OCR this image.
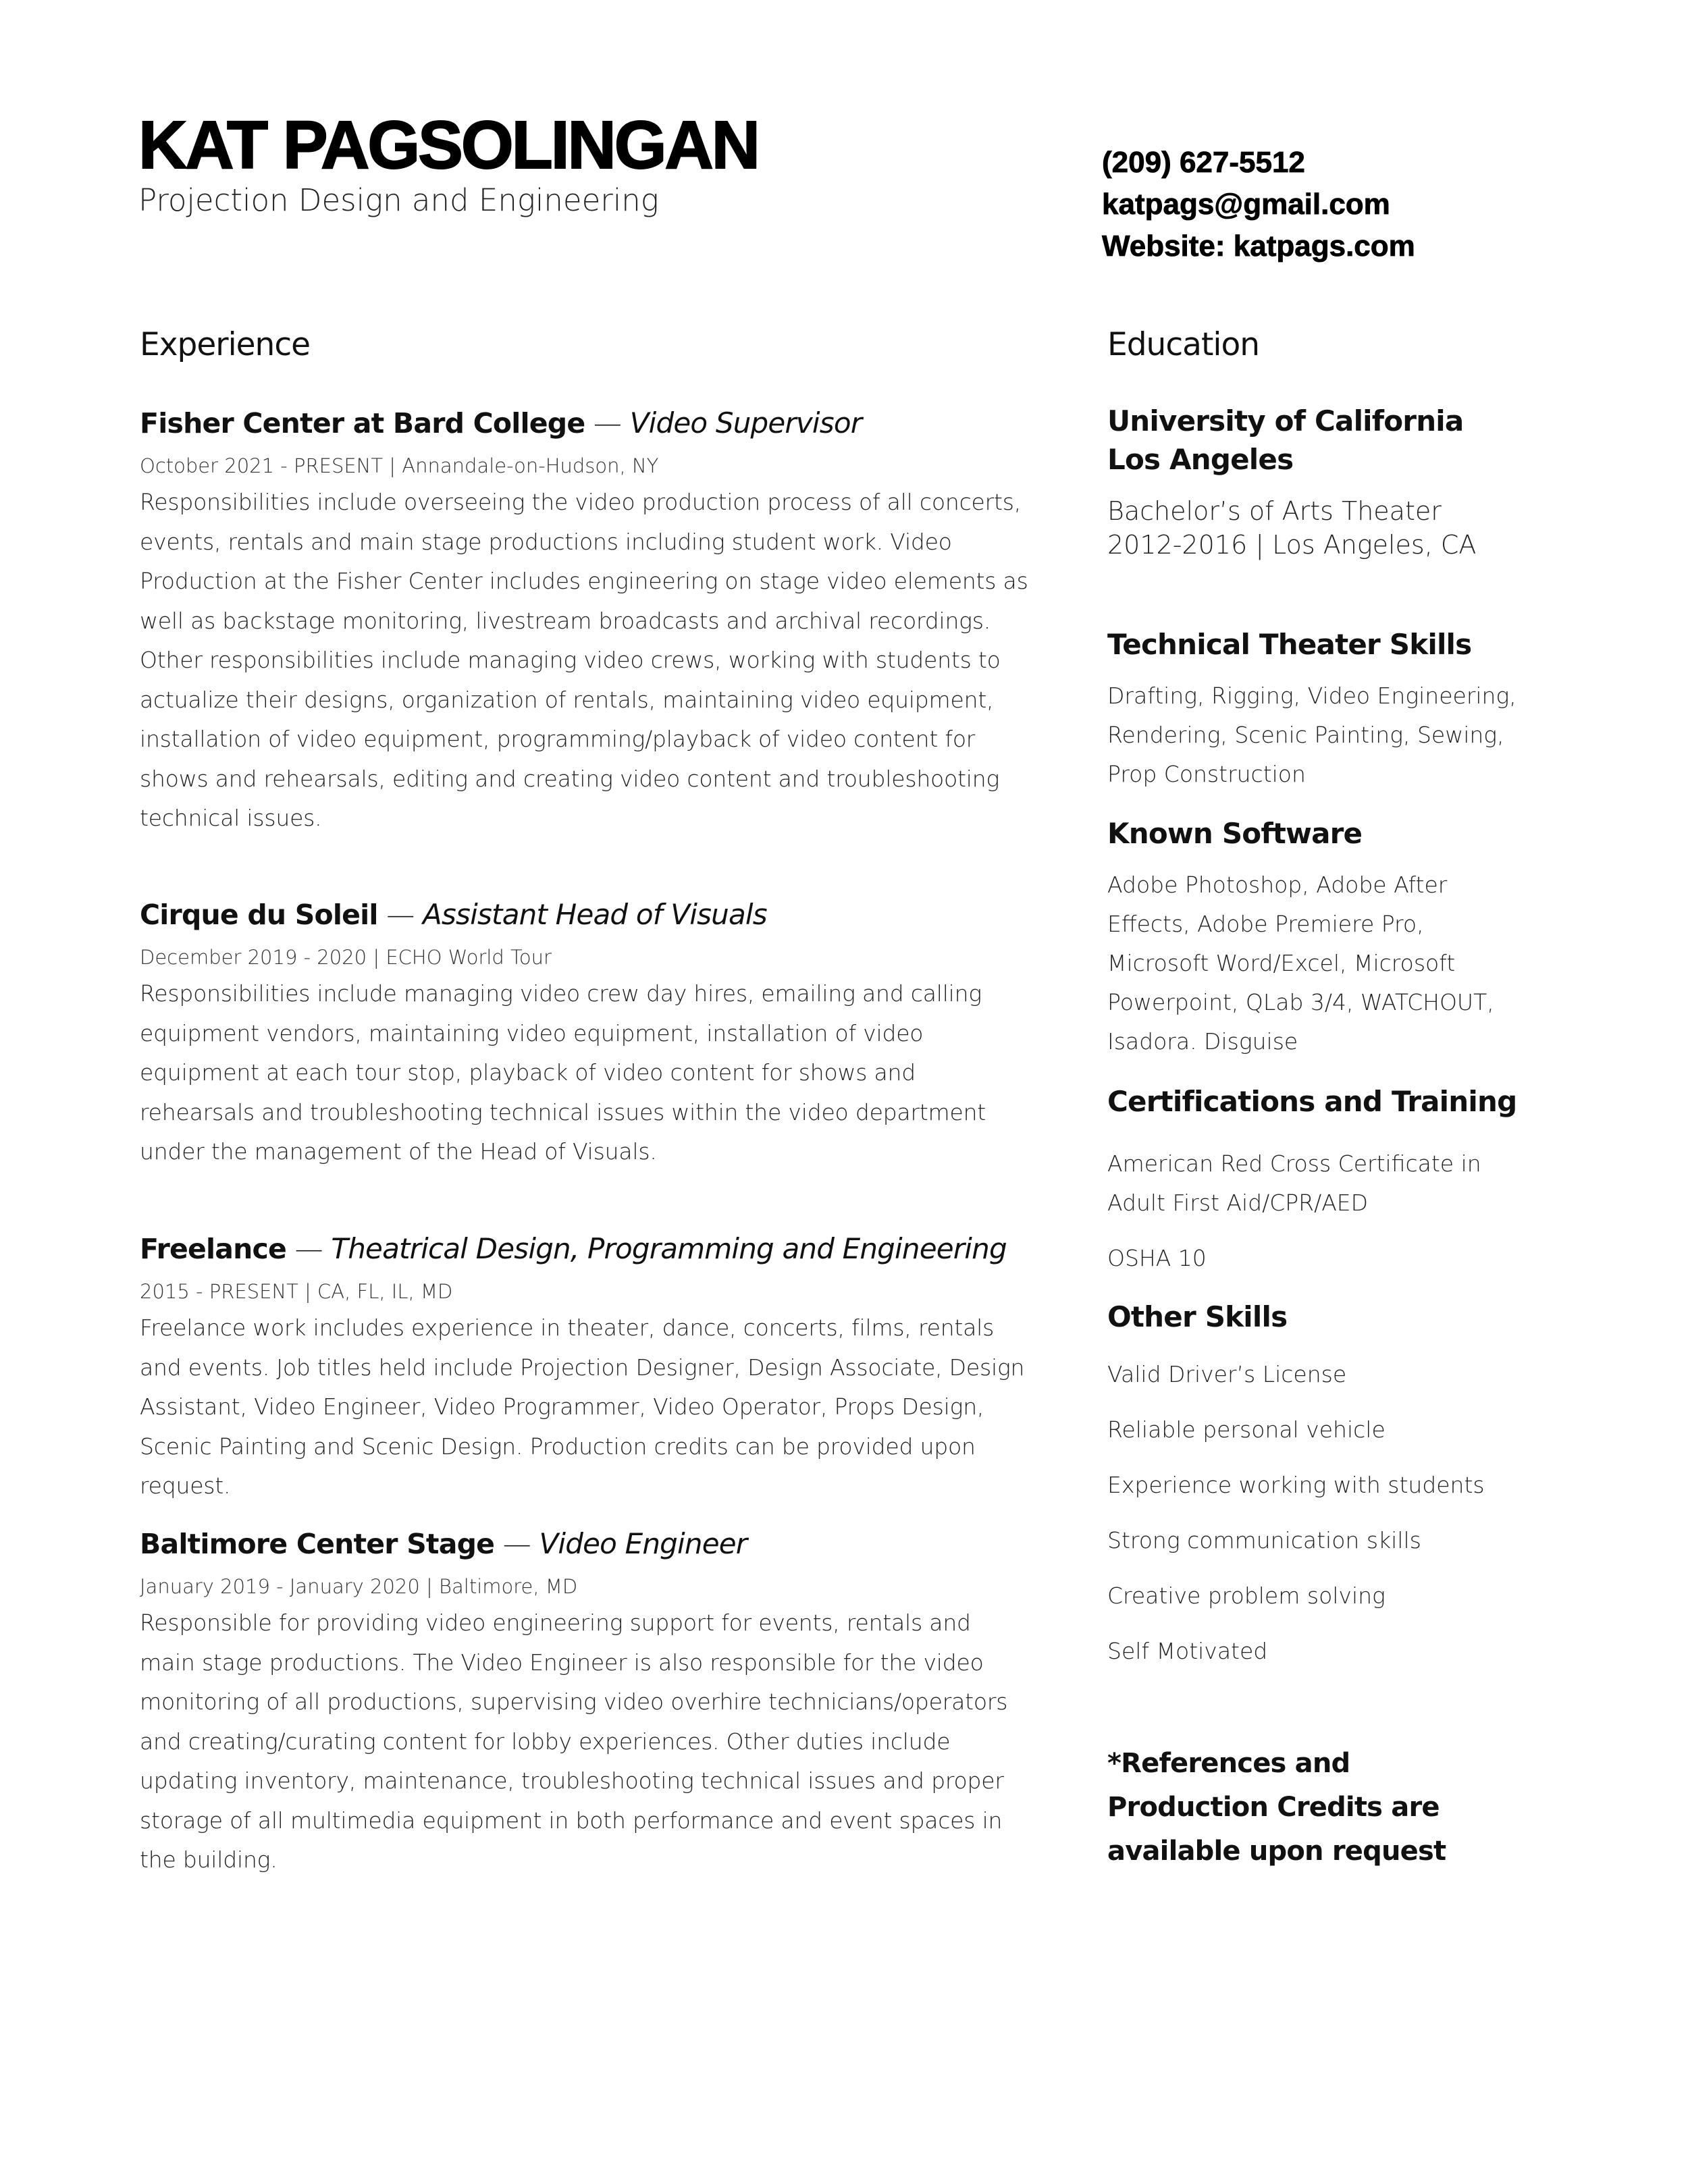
KAT PAGSOLINGAN
Projection Design and Engineering
(209) 627-5512
katpags@gmail.com
Website: katpags.com
Experience
Fisher Center at Bard College — Video Supervisor
October 2021 - PRESENT | Annandale-on-Hudson, NY
Responsibilities include overseeing the video production process of all concerts, events, rentals and main stage productions including student work. Video Production at the Fisher Center includes engineering on stage video elements as well as backstage monitoring, livestream broadcasts and archival recordings. Other responsibilities include managing video crews, working with students to actualize their designs, organization of rentals, maintaining video equipment, installation of video equipment, programming/playback of video content for shows and rehearsals, editing and creating video content and troubleshooting technical issues.
Cirque du Soleil — Assistant Head of Visuals
December 2019 - 2020 | ECHO World Tour
Responsibilities include managing video crew day hires, emailing and calling equipment vendors, maintaining video equipment, installation of video equipment at each tour stop, playback of video content for shows and rehearsals and troubleshooting technical issues within the video department under the management of the Head of Visuals.
Freelance — Theatrical Design, Programming and Engineering
2015 - PRESENT | CA, FL, IL, MD
Freelance work includes experience in theater, dance, concerts, films, rentals and events. Job titles held include Projection Designer, Design Associate, Design Assistant, Video Engineer, Video Programmer, Video Operator, Props Design, Scenic Painting and Scenic Design. Production credits can be provided upon request.
Baltimore Center Stage — Video Engineer
January 2019 - January 2020 | Baltimore, MD
Responsible for providing video engineering support for events, rentals and main stage productions. The Video Engineer is also responsible for the video monitoring of all productions, supervising video overhire technicians/operators and creating/curating content for lobby experiences. Other duties include updating inventory, maintenance, troubleshooting technical issues and proper storage of all multimedia equipment in both performance and event spaces in the building.
Education
University of California Los Angeles
Bachelor’s of Arts Theater
2012-2016 | Los Angeles, CA
Technical Theater Skills
Drafting, Rigging, Video Engineering, Rendering, Scenic Painting, Sewing, Prop Construction
Known Software
Adobe Photoshop, Adobe After Effects, Adobe Premiere Pro, Microsoft Word/Excel, Microsoft Powerpoint, QLab 3/4, WATCHOUT, Isadora. Disguise
Certifications and Training
American Red Cross Certificate in Adult First Aid/CPR/AED
OSHA 10
Other Skills
Valid Driver’s License
Reliable personal vehicle
Experience working with students
Strong communication skills
Creative problem solving
Self Motivated
*References and Production Credits are available upon request
